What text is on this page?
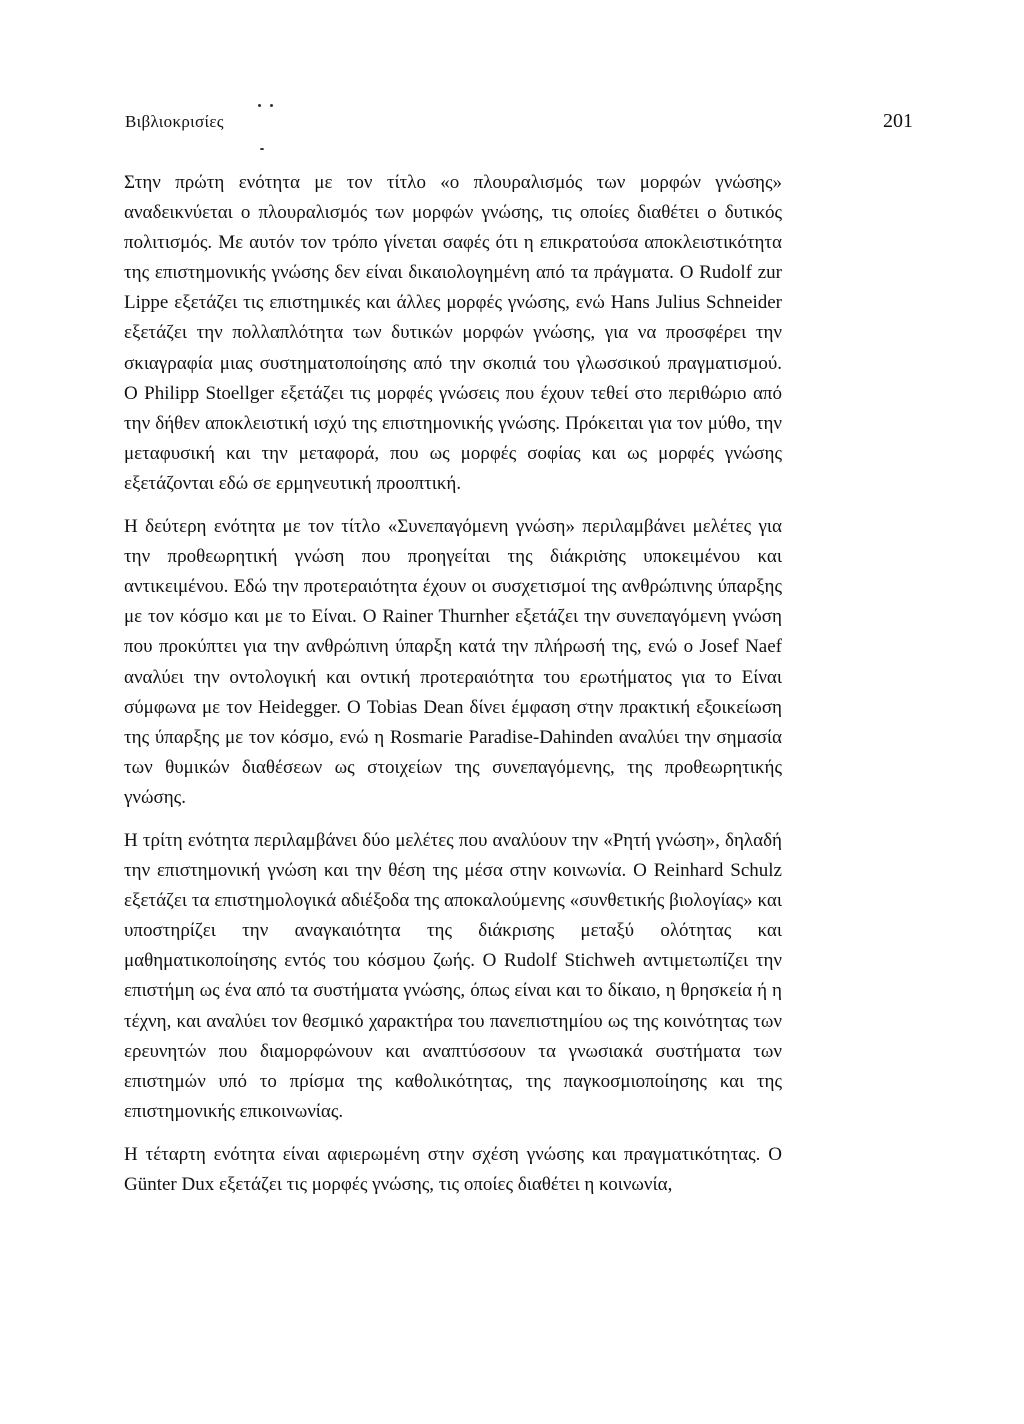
Βιβλιοκρισίες	201

Στην πρώτη ενότητα με τον τίτλο «ο πλουραλισμός των μορφών γνώσης» αναδεικνύεται ο πλουραλισμός των μορφών γνώσης, τις οποίες διαθέτει ο δυτικός πολιτισμός. Με αυτόν τον τρόπο γίνεται σαφές ότι η επικρατούσα αποκλειστικότητα της επιστημονικής γνώσης δεν είναι δικαιολογημένη από τα πράγματα. Ο Rudolf zur Lippe εξετάζει τις επιστημικές και άλλες μορφές γνώσης, ενώ Hans Julius Schneider εξετάζει την πολλαπλότητα των δυτικών μορφών γνώσης, για να προσφέρει την σκιαγραφία μιας συστηματοποίησης από την σκοπιά του γλωσσικού πραγματισμού. Ο Philipp Stoellger εξετάζει τις μορφές γνώσεις που έχουν τεθεί στο περιθώριο από την δήθεν αποκλειστική ισχύ της επιστημονικής γνώσης. Πρόκειται για τον μύθο, την μεταφυσική και την μεταφορά, που ως μορφές σοφίας και ως μορφές γνώσης εξετάζονται εδώ σε ερμηνευτική προοπτική.

Η δεύτερη ενότητα με τον τίτλο «Συνεπαγόμενη γνώση» περιλαμβάνει μελέτες για την προθεωρητική γνώση που προηγείται της διάκρισης υποκειμένου και αντικειμένου. Εδώ την προτεραιότητα έχουν οι συσχετισμοί της ανθρώπινης ύπαρξης με τον κόσμο και με το Είναι. Ο Rainer Thurnher εξετάζει την συνεπαγόμενη γνώση που προκύπτει για την ανθρώπινη ύπαρξη κατά την πλήρωσή της, ενώ ο Josef Naef αναλύει την οντολογική και οντική προτεραιότητα του ερωτήματος για το Είναι σύμφωνα με τον Heidegger. Ο Tobias Dean δίνει έμφαση στην πρακτική εξοικείωση της ύπαρξης με τον κόσμο, ενώ η Rosmarie Paradise-Dahinden αναλύει την σημασία των θυμικών διαθέσεων ως στοιχείων της συνεπαγόμενης, της προθεωρητικής γνώσης.

Η τρίτη ενότητα περιλαμβάνει δύο μελέτες που αναλύουν την «Ρητή γνώση», δηλαδή την επιστημονική γνώση και την θέση της μέσα στην κοινωνία. Ο Reinhard Schulz εξετάζει τα επιστημολογικά αδιέξοδα της αποκαλούμενης «συνθετικής βιολογίας» και υποστηρίζει την αναγκαιότητα της διάκρισης μεταξύ ολότητας και μαθηματικοποίησης εντός του κόσμου ζωής. Ο Rudolf Stichweh αντιμετωπίζει την επιστήμη ως ένα από τα συστήματα γνώσης, όπως είναι και το δίκαιο, η θρησκεία ή η τέχνη, και αναλύει τον θεσμικό χαρακτήρα του πανεπιστημίου ως της κοινότητας των ερευνητών που διαμορφώνουν και αναπτύσσουν τα γνωσιακά συστήματα των επιστημών υπό το πρίσμα της καθολικότητας, της παγκοσμιοποίησης και της επιστημονικής επικοινωνίας.

Η τέταρτη ενότητα είναι αφιερωμένη στην σχέση γνώσης και πραγματικότητας. Ο Günter Dux εξετάζει τις μορφές γνώσης, τις οποίες διαθέτει η κοινωνία,
